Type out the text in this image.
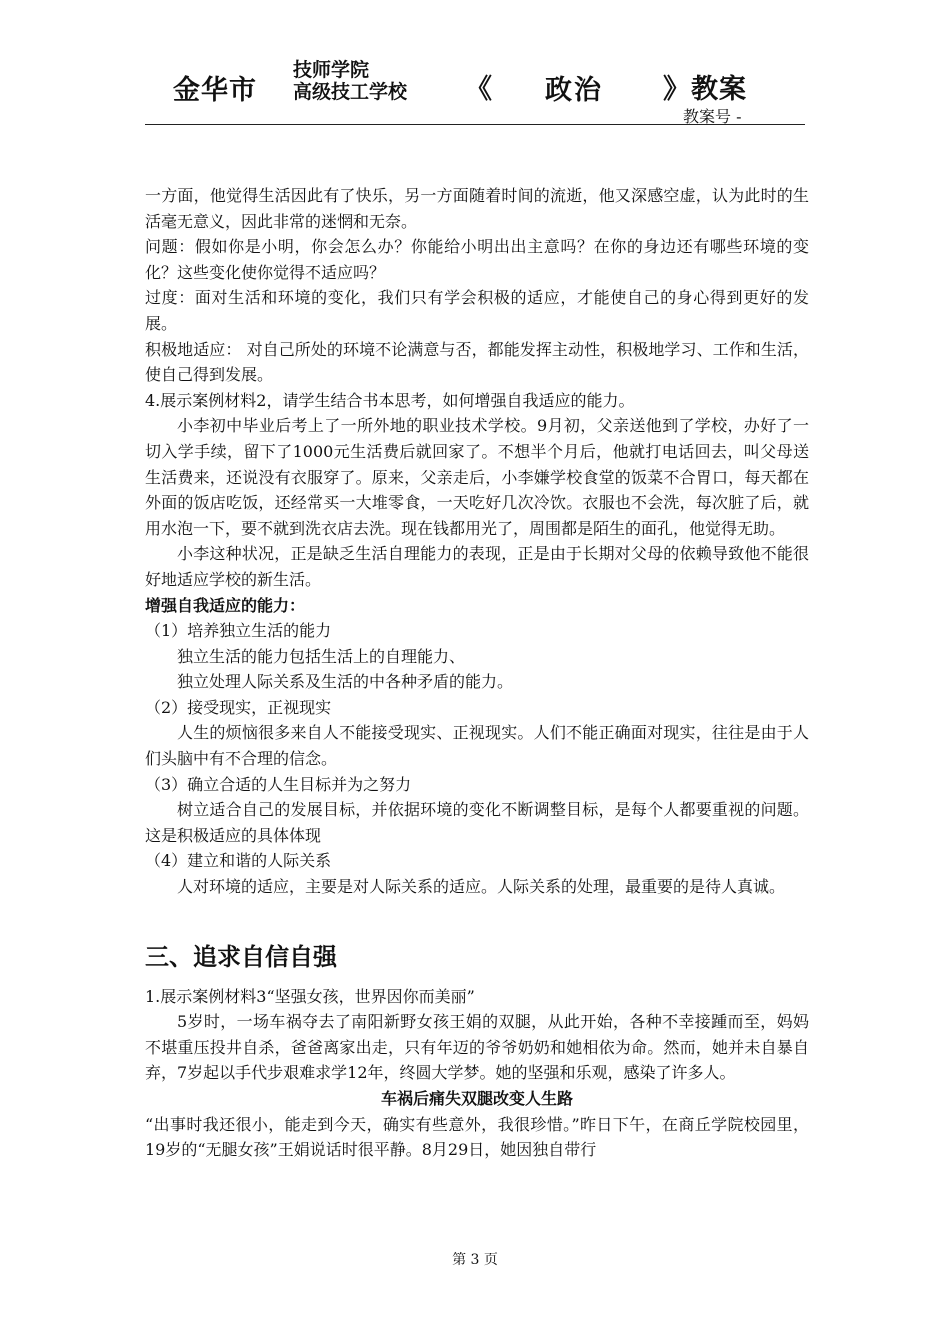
金华市
技师学院
高级技工学校 《 政治 》教案
教案号 -

一方面，他觉得生活因此有了快乐，另一方面随着时间的流逝，他又深感空虚，认为此时的生活毫无意义，因此非常的迷惘和无奈。

问题：假如你是小明，你会怎么办？你能给小明出出主意吗？在你的身边还有哪些环境的变化？这些变化使你觉得不适应吗？

过度：面对生活和环境的变化，我们只有学会积极的适应，才能使自己的身心得到更好的发展。

积极地适应： 对自己所处的环境不论满意与否，都能发挥主动性，积极地学习、工作和生活，使自己得到发展。

4.展示案例材料2，请学生结合书本思考，如何增强自我适应的能力。

小李初中毕业后考上了一所外地的职业技术学校。9月初，父亲送他到了学校，办好了一切入学手续，留下了1000元生活费后就回家了。不想半个月后，他就打电话回去，叫父母送生活费来，还说没有衣服穿了。原来，父亲走后，小李嫌学校食堂的饭菜不合胃口，每天都在外面的饭店吃饭，还经常买一大堆零食，一天吃好几次冷饮。衣服也不会洗，每次脏了后，就用水泡一下，要不就到洗衣店去洗。现在钱都用光了，周围都是陌生的面孔，他觉得无助。

小李这种状况，正是缺乏生活自理能力的表现，正是由于长期对父母的依赖导致他不能很好地适应学校的新生活。

增强自我适应的能力：

（1）培养独立生活的能力

独立生活的能力包括生活上的自理能力、

独立处理人际关系及生活的中各种矛盾的能力。

（2）接受现实，正视现实

人生的烦恼很多来自人不能接受现实、正视现实。人们不能正确面对现实，往往是由于人们头脑中有不合理的信念。

（3）确立合适的人生目标并为之努力

树立适合自己的发展目标，并依据环境的变化不断调整目标，是每个人都要重视的问题。这是积极适应的具体体现

（4）建立和谐的人际关系

人对环境的适应，主要是对人际关系的适应。人际关系的处理，最重要的是待人真诚。

三、追求自信自强

1.展示案例材料3“坚强女孩，世界因你而美丽”

5岁时，一场车祸夺去了南阳新野女孩王娟的双腿，从此开始，各种不幸接踵而至，妈妈不堪重压投井自杀，爸爸离家出走，只有年迈的爷爷奶奶和她相依为命。然而，她并未自暴自弃，7岁起以手代步艰难求学12年，终圆大学梦。她的坚强和乐观，感染了许多人。

车祸后痛失双腿改变人生路

“出事时我还很小，能走到今天，确实有些意外，我很珍惜。”昨日下午，在商丘学院校园里，19岁的“无腿女孩”王娟说话时很平静。8月29日，她因独自带行

第 3 页
